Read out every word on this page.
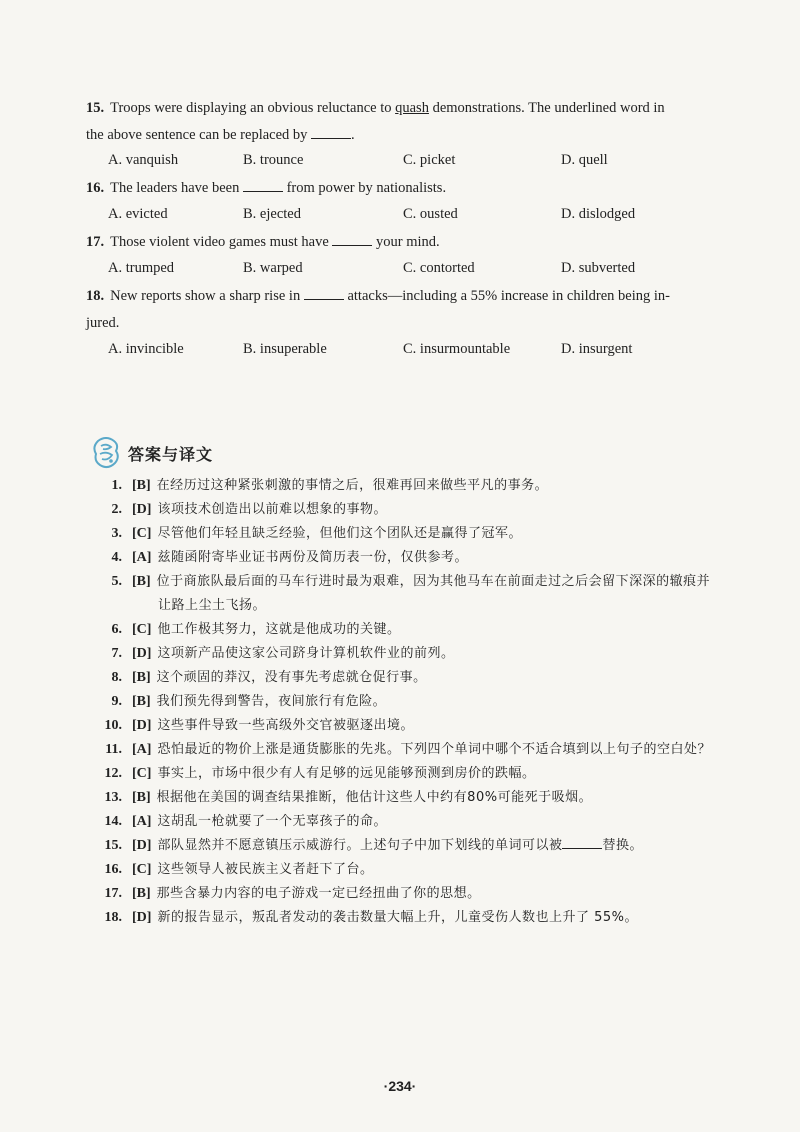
15. Troops were displaying an obvious reluctance to quash demonstrations. The underlined word in
the above sentence can be replaced by	.
A. vanquish	B. trounce	C. picket	D. quell
16. The leaders have been	from power by nationalists.
A. evicted	B. ejected	C. ousted	D. dislodged
17. Those violent video games must have	your mind.
A. trumped	B. warped	C. contorted	D. subverted
18. New reports show a sharp rise in	attacks—including a 55% increase in children being in-
jured.
A. invincible	B. insuperable	C. insurmountable	D. insurgent
答案与译文
1. [B] 在经历过这种紧张刺激的事情之后，很难再回来做些平凡的事务。
2. [D] 该项技术创造出以前难以想象的事物。
3. [C] 尽管他们年轻且缺乏经验，但他们这个团队还是赢得了冠军。
4. [A] 兹随函附寄毕业证书两份及简历表一份，仅供参考。
5. [B] 位于商旅队最后面的马车行进时最为艰难，因为其他马车在前面走过之后会留下深深的辙痕并
让路上尘土飞扬。
6. [C] 他工作极其努力，这就是他成功的关键。
7. [D] 这项新产品使这家公司跻身计算机软件业的前列。
8. [B] 这个顽固的莽汉，没有事先考虑就仓促行事。
9. [B] 我们预先得到警告，夜间旅行有危险。
10. [D] 这些事件导致一些高级外交官被驱逐出境。
11. [A] 恐怕最近的物价上涨是通货膨胀的先兆。下列四个单词中哪个不适合填到以上句子的空白处？
12. [C] 事实上，市场中很少有人有足够的远见能够预测到房价的跌幅。
13. [B] 根据他在美国的调查结果推断，他估计这些人中约有80%可能死于吸烟。
14. [A] 这胡乱一枪就要了一个无辜孩子的命。
15. [D] 部队显然并不愿意镇压示威游行。上述句子中加下划线的单词可以被	替换。
16. [C] 这些领导人被民族主义者赶下了台。
17. [B] 那些含暴力内容的电子游戏一定已经扭曲了你的思想。
18. [D] 新的报告显示，叛乱者发动的袭击数量大幅上升，儿童受伤人数也上升了 55%。
·234·
